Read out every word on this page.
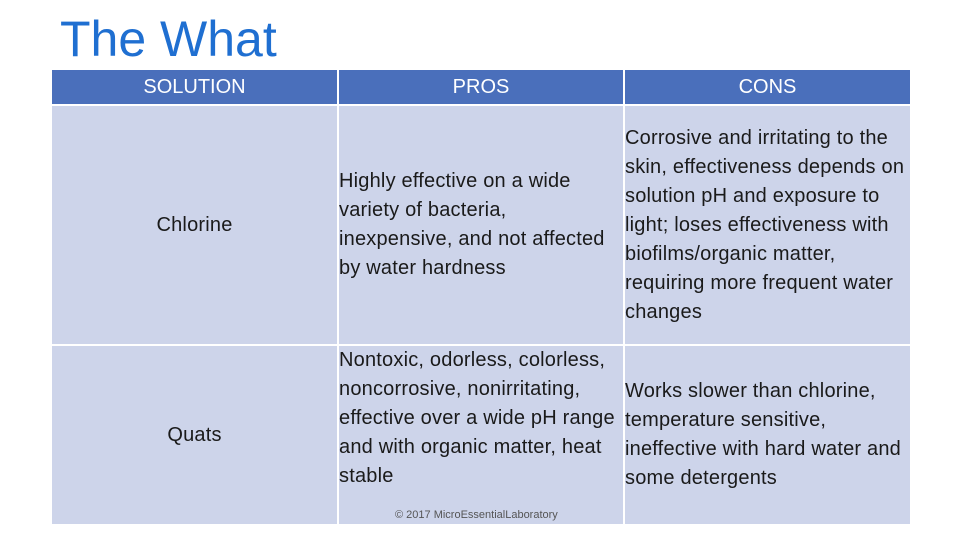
The What
SOLUTION	PROS	CONS
Chlorine	Highly effective on a wide variety of bacteria, inexpensive, and not affected by water hardness	Corrosive and irritating to the skin, effectiveness depends on solution pH and exposure to light; loses effectiveness with biofilms/organic matter, requiring more frequent water changes
Quats	Nontoxic, odorless, colorless, noncorrosive, nonirritating, effective over a wide pH range and with organic matter, heat stable	Works slower than chlorine, temperature sensitive, ineffective with hard water and some detergents
© 2017 MicroEssentialLaboratory
